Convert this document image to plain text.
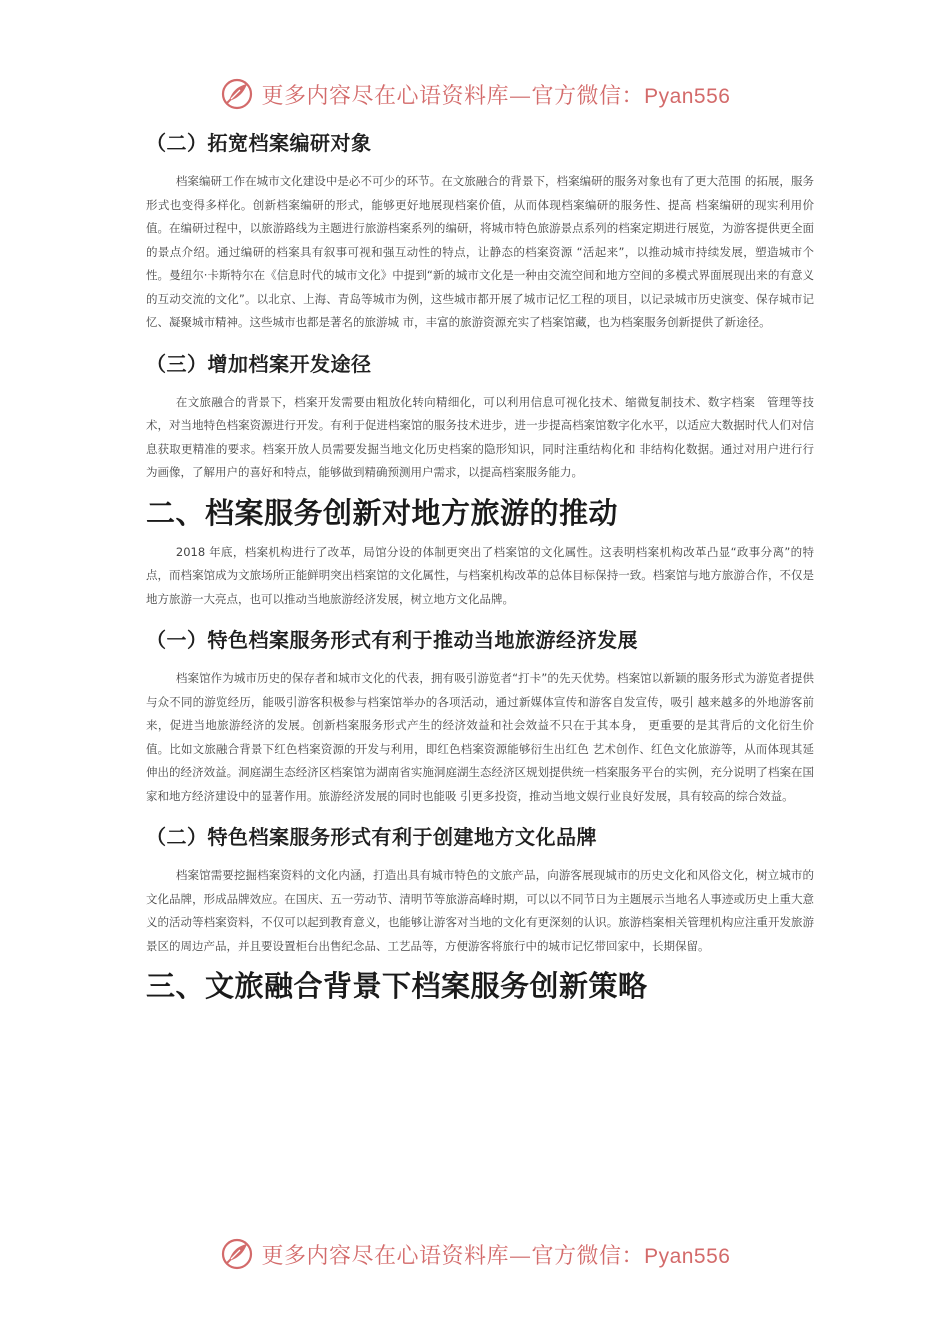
更多内容尽在心语资料库—官方微信：Pyan556
（二）拓宽档案编研对象

档案编研工作在城市文化建设中是必不可少的环节。在文旅融合的背景下，档案编研的服务对象也有了更大范围 的拓展，服务形式也变得多样化。创新档案编研的形式，能够更好地展现档案价值，从而体现档案编研的服务性、提高 档案编研的现实利用价值。在编研过程中，以旅游路线为主题进行旅游档案系列的编研，将城市特色旅游景点系列的档案定期进行展览，为游客提供更全面的景点介绍。通过编研的档案具有叙事可视和强互动性的特点，让静态的档案资源 “活起来”，以推动城市持续发展，塑造城市个性。曼纽尔·卡斯特尔在《信息时代的城市文化》中提到“新的城市文化是一种由交流空间和地方空间的多模式界面展现出来的有意义的互动交流的文化”。以北京、上海、青岛等城市为例，这些城市都开展了城市记忆工程的项目，以记录城市历史演变、保存城市记忆、凝聚城市精神。这些城市也都是著名的旅游城 市，丰富的旅游资源充实了档案馆藏，也为档案服务创新提供了新途径。

（三）增加档案开发途径

在文旅融合的背景下，档案开发需要由粗放化转向精细化，可以利用信息可视化技术、缩微复制技术、数字档案　管理等技术，对当地特色档案资源进行开发。有利于促进档案馆的服务技术进步，进一步提高档案馆数字化水平，以适应大数据时代人们对信息获取更精准的要求。档案开放人员需要发掘当地文化历史档案的隐形知识，同时注重结构化和 非结构化数据。通过对用户进行行为画像，了解用户的喜好和特点，能够做到精确预测用户需求，以提高档案服务能力。

二、档案服务创新对地方旅游的推动

2018 年底，档案机构进行了改革，局馆分设的体制更突出了档案馆的文化属性。这表明档案机构改革凸显“政事分离”的特点，而档案馆成为文旅场所正能鲜明突出档案馆的文化属性，与档案机构改革的总体目标保持一致。档案馆与地方旅游合作，不仅是地方旅游一大亮点，也可以推动当地旅游经济发展，树立地方文化品牌。

（一）特色档案服务形式有利于推动当地旅游经济发展

档案馆作为城市历史的保存者和城市文化的代表，拥有吸引游览者“打卡”的先天优势。档案馆以新颖的服务形式为游览者提供与众不同的游览经历，能吸引游客积极参与档案馆举办的各项活动，通过新媒体宣传和游客自发宣传，吸引 越来越多的外地游客前来，促进当地旅游经济的发展。创新档案服务形式产生的经济效益和社会效益不只在于其本身， 更重要的是其背后的文化衍生价值。比如文旅融合背景下红色档案资源的开发与利用，即红色档案资源能够衍生出红色 艺术创作、红色文化旅游等，从而体现其延伸出的经济效益。洞庭湖生态经济区档案馆为湖南省实施洞庭湖生态经济区规划提供统一档案服务平台的实例，充分说明了档案在国家和地方经济建设中的显著作用。旅游经济发展的同时也能吸 引更多投资，推动当地文娱行业良好发展，具有较高的综合效益。

（二）特色档案服务形式有利于创建地方文化品牌

档案馆需要挖掘档案资料的文化内涵，打造出具有城市特色的文旅产品，向游客展现城市的历史文化和风俗文化，树立城市的文化品牌，形成品牌效应。在国庆、五一劳动节、清明节等旅游高峰时期，可以以不同节日为主题展示当地名人事迹或历史上重大意义的活动等档案资料，不仅可以起到教育意义，也能够让游客对当地的文化有更深刻的认识。旅游档案相关管理机构应注重开发旅游景区的周边产品，并且要设置柜台出售纪念品、工艺品等，方便游客将旅行中的城市记忆带回家中，长期保留。

三、文旅融合背景下档案服务创新策略
更多内容尽在心语资料库—官方微信：Pyan556
